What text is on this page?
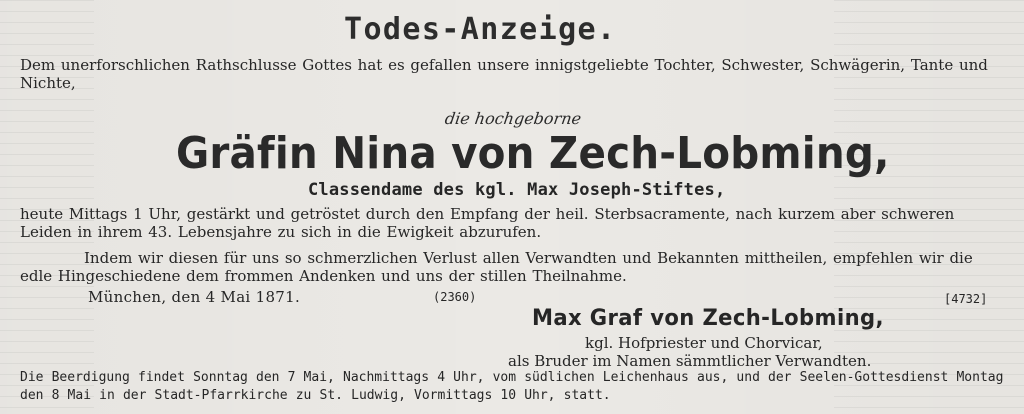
Todes-Anzeige.
Dem unerforschlichen Rathschlusse Gottes hat es gefallen unsere innigstgeliebte Tochter, Schwester, Schwägerin, Tante und Nichte,
die hochgeborne
Gräfin Nina von Zech-Lobming,
Classendame des kgl. Max Joseph-Stiftes,
heute Mittags 1 Uhr, gestärkt und getröstet durch den Empfang der heil. Sterbsacramente, nach kurzem aber schweren Leiden in ihrem 43. Lebensjahre zu sich in die Ewigkeit abzurufen.
Indem wir diesen für uns so schmerzlichen Verlust allen Verwandten und Bekannten mittheilen, empfehlen wir die edle Hingeschiedene dem frommen Andenken und uns der stillen Theilnahme.
München, den 4 Mai 1871.	(2360)	[4732]
Max Graf von Zech-Lobming,
kgl. Hofpriester und Chorvicar,
als Bruder im Namen sämmtlicher Verwandten.
Die Beerdigung findet Sonntag den 7 Mai, Nachmittags 4 Uhr, vom südlichen Leichenhaus aus, und der Seelen-Gottesdienst Montag den 8 Mai in der Stadt-Pfarrkirche zu St. Ludwig, Vormittags 10 Uhr, statt.
